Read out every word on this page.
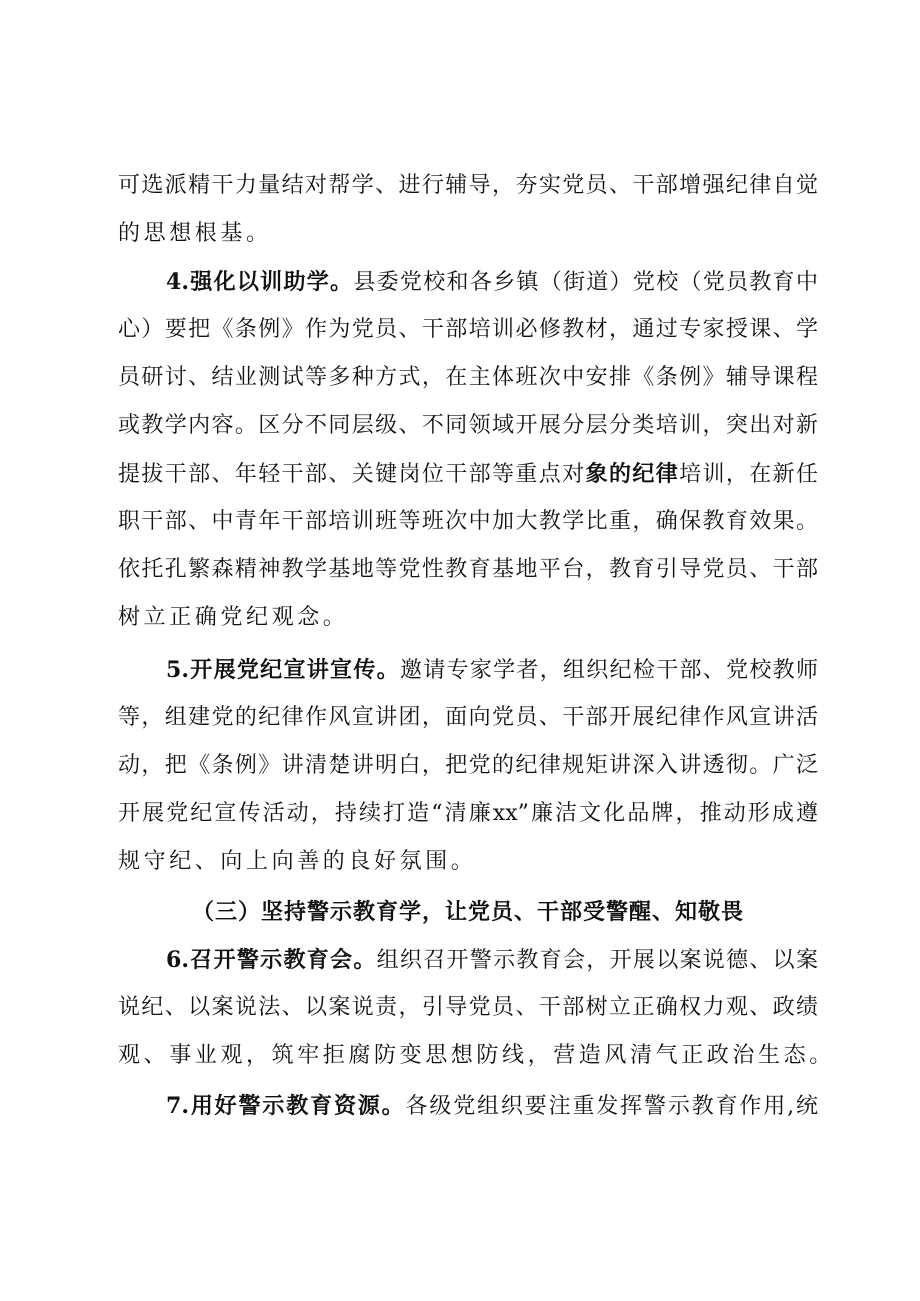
可选派精干力量结对帮学、进行辅导，夯实党员、干部增强纪律自觉
的思想根基。
4.强化以训助学。县委党校和各乡镇（街道）党校（党员教育中
心）要把《条例》作为党员、干部培训必修教材，通过专家授课、学
员研讨、结业测试等多种方式，在主体班次中安排《条例》辅导课程
或教学内容。区分不同层级、不同领域开展分层分类培训，突出对新
提拔干部、年轻干部、关键岗位干部等重点对象的纪律培训，在新任
职干部、中青年干部培训班等班次中加大教学比重，确保教育效果。
依托孔繁森精神教学基地等党性教育基地平台，教育引导党员、干部
树立正确党纪观念。
5.开展党纪宣讲宣传。邀请专家学者，组织纪检干部、党校教师
等，组建党的纪律作风宣讲团，面向党员、干部开展纪律作风宣讲活
动，把《条例》讲清楚讲明白，把党的纪律规矩讲深入讲透彻。广泛
开展党纪宣传活动，持续打造“清廉xx”廉洁文化品牌，推动形成遵
规守纪、向上向善的良好氛围。
（三）坚持警示教育学，让党员、干部受警醒、知敬畏
6.召开警示教育会。组织召开警示教育会，开展以案说德、以案
说纪、以案说法、以案说责，引导党员、干部树立正确权力观、政绩
观、事业观，筑牢拒腐防变思想防线，营造风清气正政治生态。
7.用好警示教育资源。各级党组织要注重发挥警示教育作用,统
